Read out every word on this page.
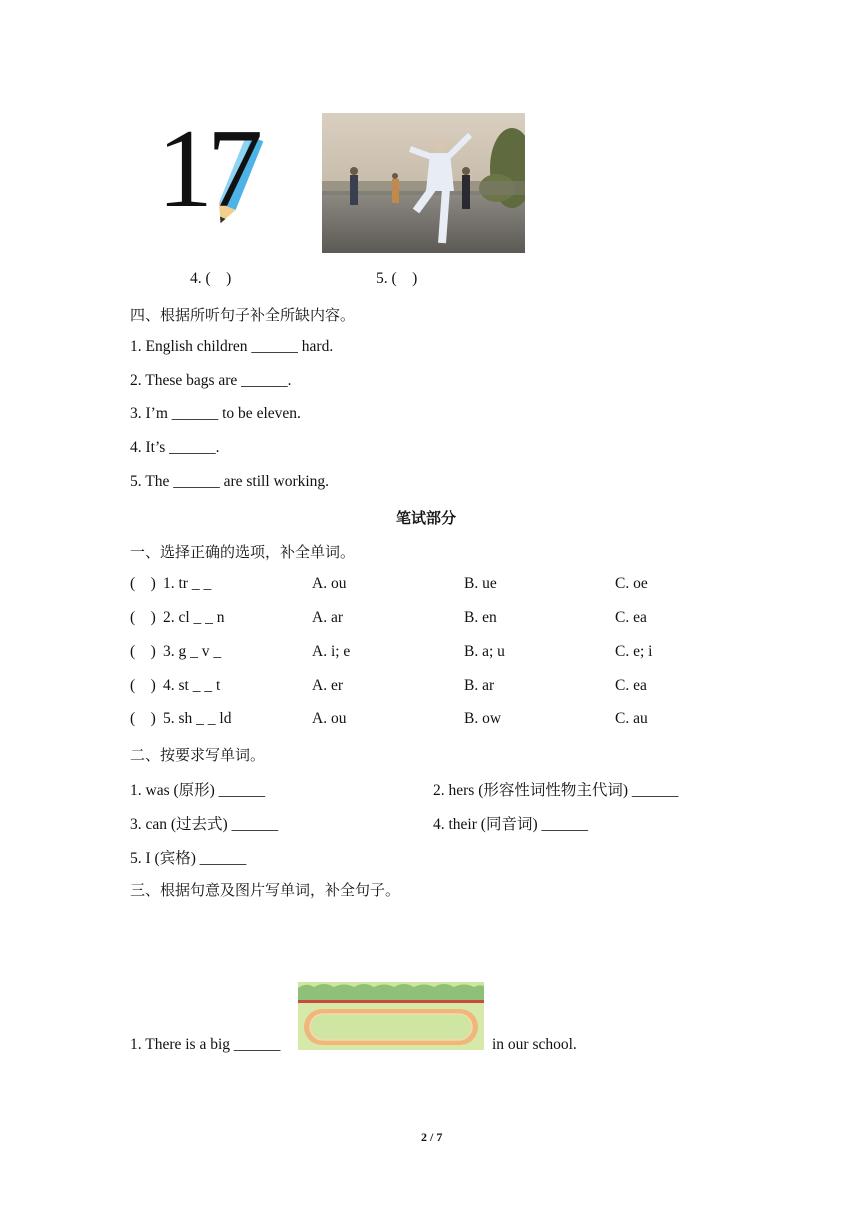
17
4. (    )	5. (    )
四、根据所听句子补全所缺内容。
1. English children ______ hard.
2. These bags are ______.
3. I’m ______ to be eleven.
4. It’s ______.
5. The ______ are still working.
笔试部分
一、选择正确的选项，补全单词。
(    ) 1. tr _ _	A. ou	B. ue	C. oe
(    ) 2. cl _ _ n	A. ar	B. en	C. ea
(    ) 3. g _ v _	A. i; e	B. a; u	C. e; i
(    ) 4. st _ _ t	A. er	B. ar	C. ea
(    ) 5. sh _ _ ld	A. ou	B. ow	C. au
二、按要求写单词。
1. was (原形) ______	2. hers (形容性词性物主代词) ______
3. can (过去式) ______	4. their (同音词) ______
5. I (宾格) ______
三、根据句意及图片写单词，补全句子。
1. There is a big ______	in our school.
2 / 7
